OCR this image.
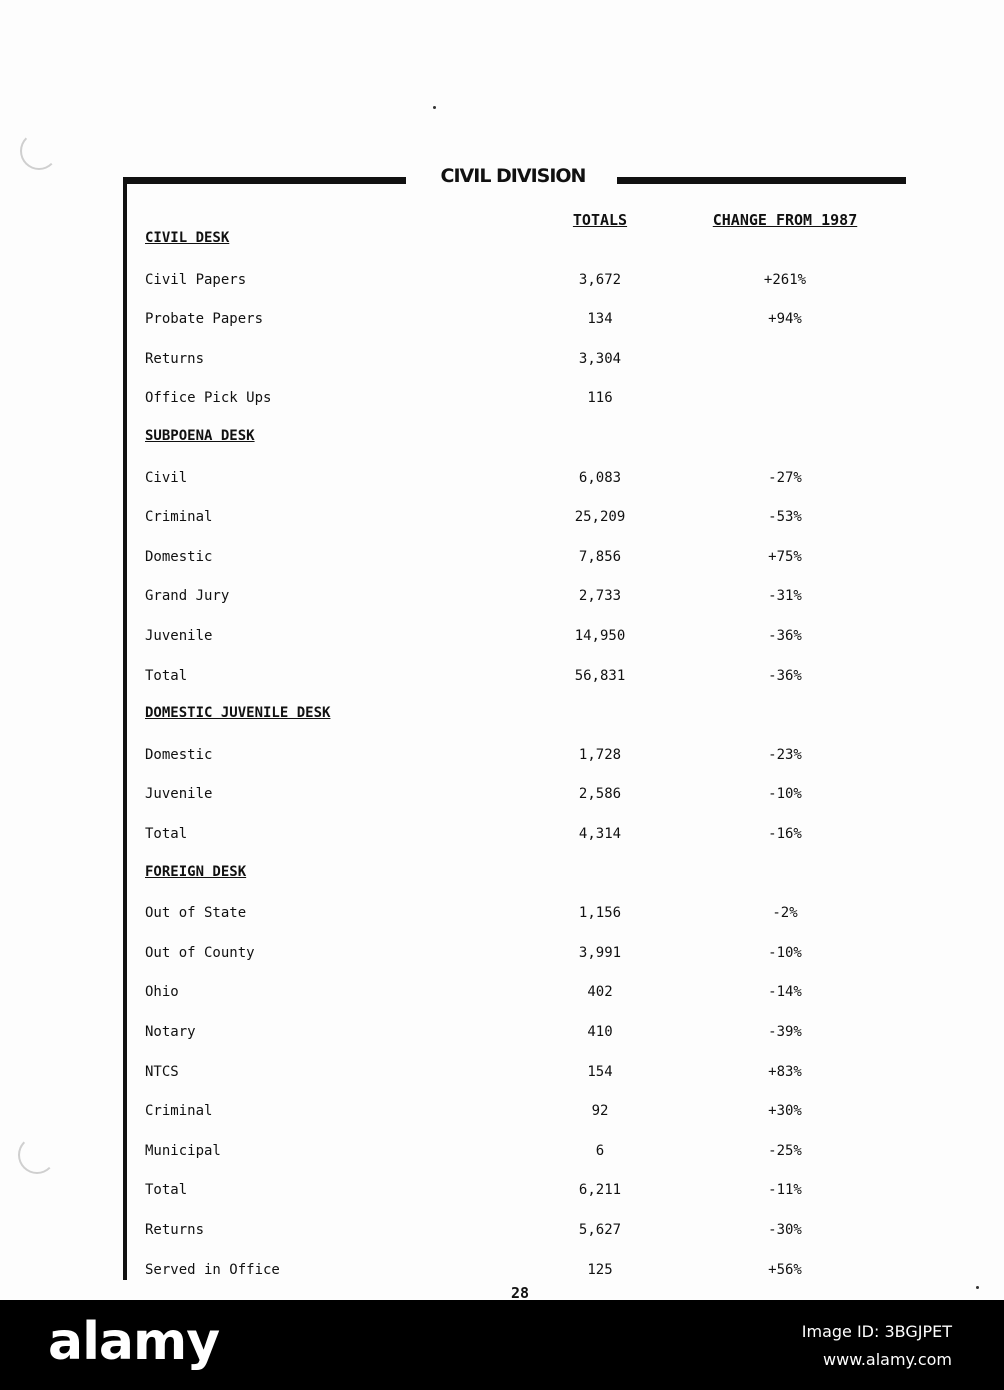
CIVIL DIVISION
TOTALS	CHANGE FROM 1987
CIVIL DESK
Civil Papers	3,672	+261%
Probate Papers	134	+94%
Returns	3,304
Office Pick Ups	116
SUBPOENA DESK
Civil	6,083	-27%
Criminal	25,209	-53%
Domestic	7,856	+75%
Grand Jury	2,733	-31%
Juvenile	14,950	-36%
Total	56,831	-36%
DOMESTIC JUVENILE DESK
Domestic	1,728	-23%
Juvenile	2,586	-10%
Total	4,314	-16%
FOREIGN DESK
Out of State	1,156	-2%
Out of County	3,991	-10%
Ohio	402	-14%
Notary	410	-39%
NTCS	154	+83%
Criminal	92	+30%
Municipal	6	-25%
Total	6,211	-11%
Returns	5,627	-30%
Served in Office	125	+56%
28
alamy	Image ID: 3BGJPET
www.alamy.com
